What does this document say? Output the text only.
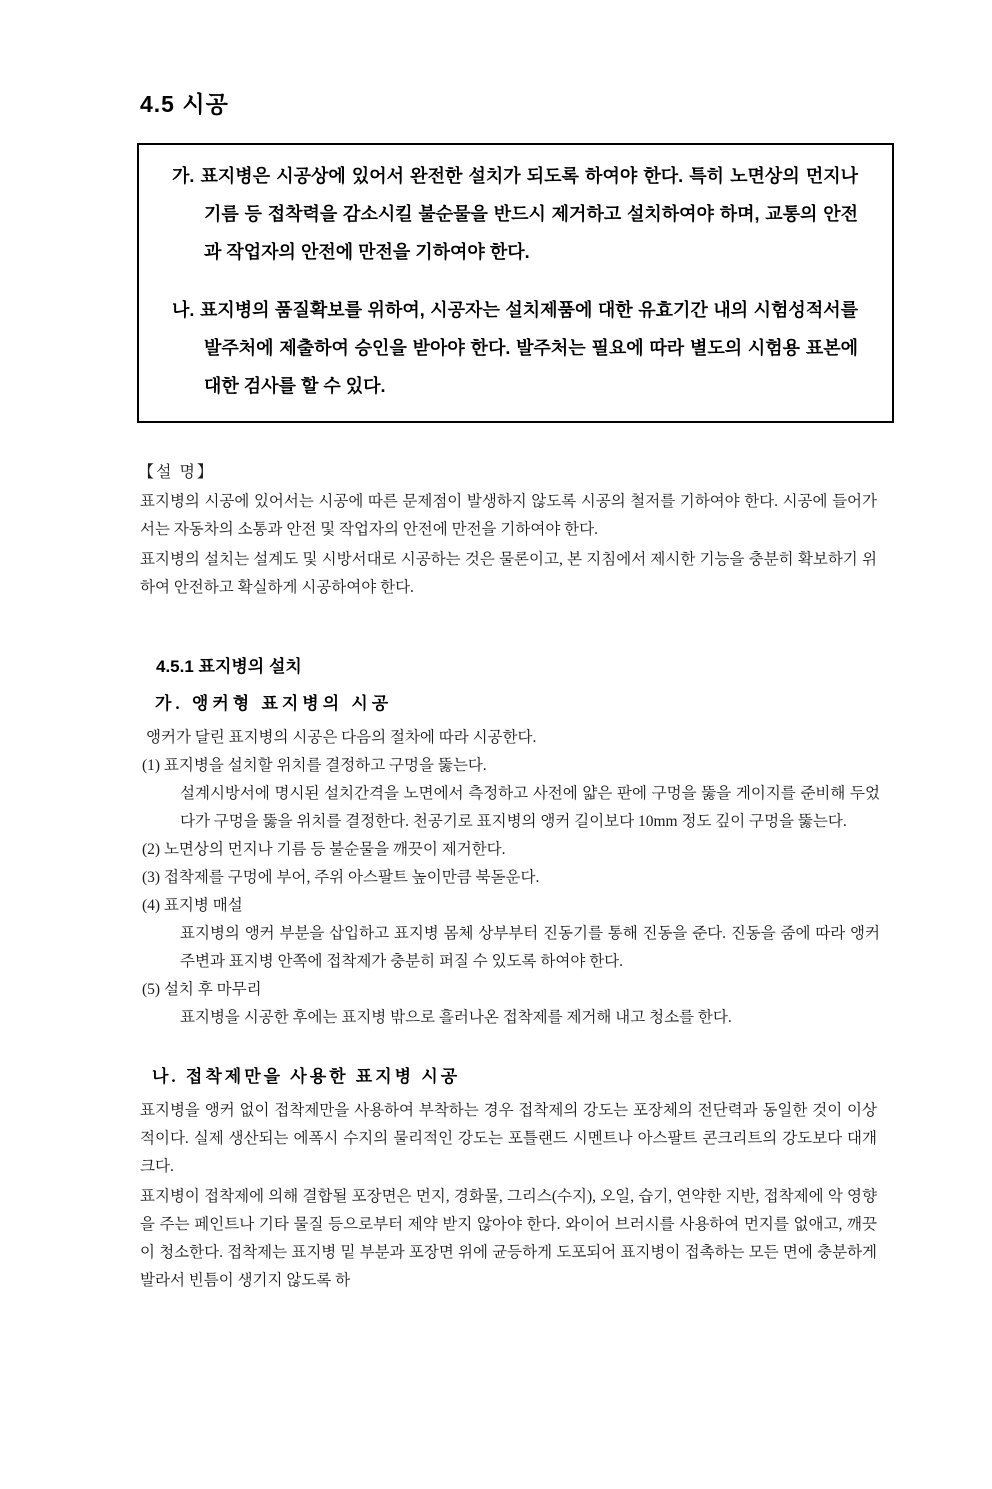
4.5 시공
가. 표지병은 시공상에 있어서 완전한 설치가 되도록 하여야 한다. 특히 노면상의 먼지나 기름 등 접착력을 감소시킬 불순물을 반드시 제거하고 설치하여야 하며, 교통의 안전과 작업자의 안전에 만전을 기하여야 한다.
나. 표지병의 품질확보를 위하여, 시공자는 설치제품에 대한 유효기간 내의 시험성적서를 발주처에 제출하여 승인을 받아야 한다. 발주처는 필요에 따라 별도의 시험용 표본에 대한 검사를 할 수 있다.
【설 명】
표지병의 시공에 있어서는 시공에 따른 문제점이 발생하지 않도록 시공의 철저를 기하여야 한다. 시공에 들어가서는 자동차의 소통과 안전 및 작업자의 안전에 만전을 기하여야 한다.
표지병의 설치는 설계도 및 시방서대로 시공하는 것은 물론이고, 본 지침에서 제시한 기능을 충분히 확보하기 위하여 안전하고 확실하게 시공하여야 한다.
4.5.1 표지병의 설치
가. 앵커형 표지병의 시공
앵커가 달린 표지병의 시공은 다음의 절차에 따라 시공한다.
(1) 표지병을 설치할 위치를 결정하고 구멍을 뚫는다.
설계시방서에 명시된 설치간격을 노면에서 측정하고 사전에 얇은 판에 구멍을 뚫을 게이지를 준비해 두었다가 구멍을 뚫을 위치를 결정한다. 천공기로 표지병의 앵커 길이보다 10mm 정도 깊이 구멍을 뚫는다.
(2) 노면상의 먼지나 기름 등 불순물을 깨끗이 제거한다.
(3) 접착제를 구멍에 부어, 주위 아스팔트 높이만큼 북돋운다.
(4) 표지병 매설
표지병의 앵커 부분을 삽입하고 표지병 몸체 상부부터 진동기를 통해 진동을 준다. 진동을 줌에 따라 앵커 주변과 표지병 안쪽에 접착제가 충분히 퍼질 수 있도록 하여야 한다.
(5) 설치 후 마무리
표지병을 시공한 후에는 표지병 밖으로 흘러나온 접착제를 제거해 내고 청소를 한다.
나. 접착제만을 사용한 표지병 시공
표지병을 앵커 없이 접착제만을 사용하여 부착하는 경우 접착제의 강도는 포장체의 전단력과 동일한 것이 이상적이다. 실제 생산되는 에폭시 수지의 물리적인 강도는 포틀랜드 시멘트나 아스팔트 콘크리트의 강도보다 대개 크다.
표지병이 접착제에 의해 결합될 포장면은 먼지, 경화물, 그리스(수지), 오일, 습기, 연약한 지반, 접착제에 악 영향을 주는 페인트나 기타 물질 등으로부터 제약 받지 않아야 한다. 와이어 브러시를 사용하여 먼지를 없애고, 깨끗이 청소한다. 접착제는 표지병 밑 부분과 포장면 위에 균등하게 도포되어 표지병이 접촉하는 모든 면에 충분하게 발라서 빈틈이 생기지 않도록 하
